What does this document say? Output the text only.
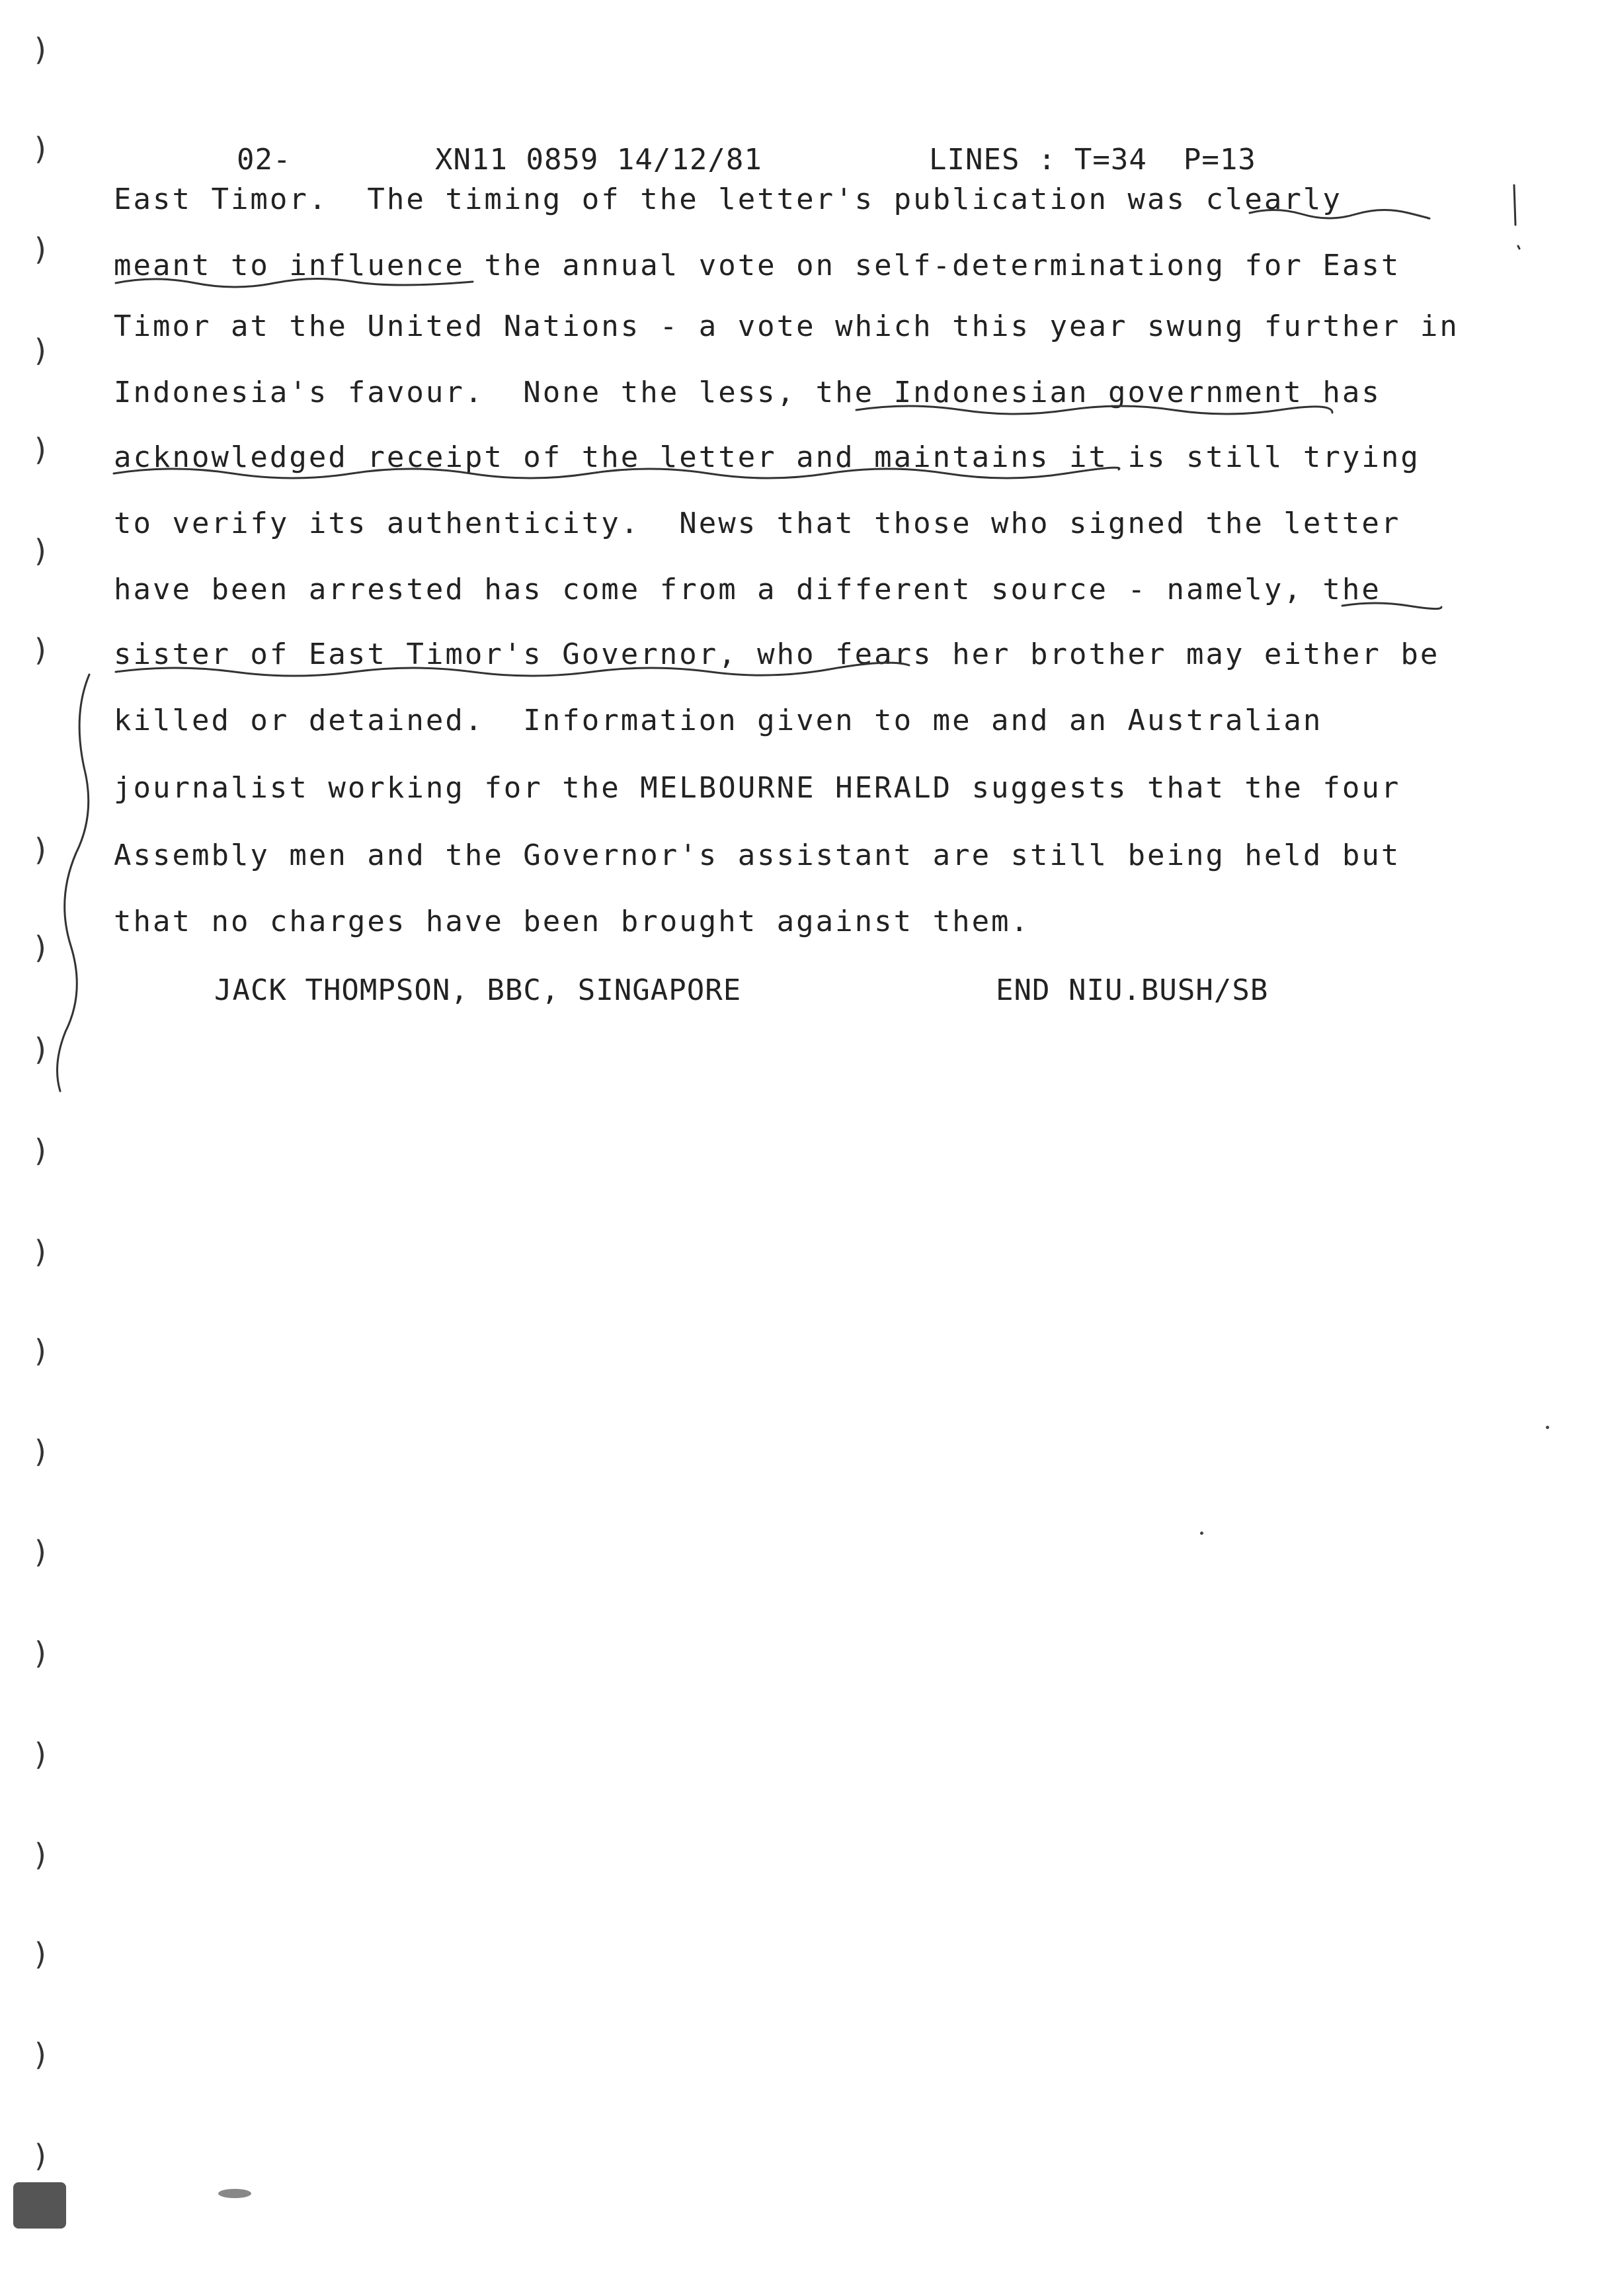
02-	XN11 0859 14/12/81	LINES : T=34  P=13
East Timor.  The timing of the letter's publication was clearly
meant to influence the annual vote on self-determinationg for East
Timor at the United Nations - a vote which this year swung further in
Indonesia's favour.  None the less, the Indonesian government has
acknowledged receipt of the letter and maintains it is still trying
to verify its authenticity.  News that those who signed the letter
have been arrested has come from a different source - namely, the
sister of East Timor's Governor, who fears her brother may either be
killed or detained.  Information given to me and an Australian
journalist working for the MELBOURNE HERALD suggests that the four
Assembly men and the Governor's assistant are still being held but
that no charges have been brought against them.
JACK THOMPSON, BBC, SINGAPORE	END NIU.BUSH/SB
)
)
)
)
)
)
)
)
)
)
)
)
)
)
)
)
)
)
)
)
)
